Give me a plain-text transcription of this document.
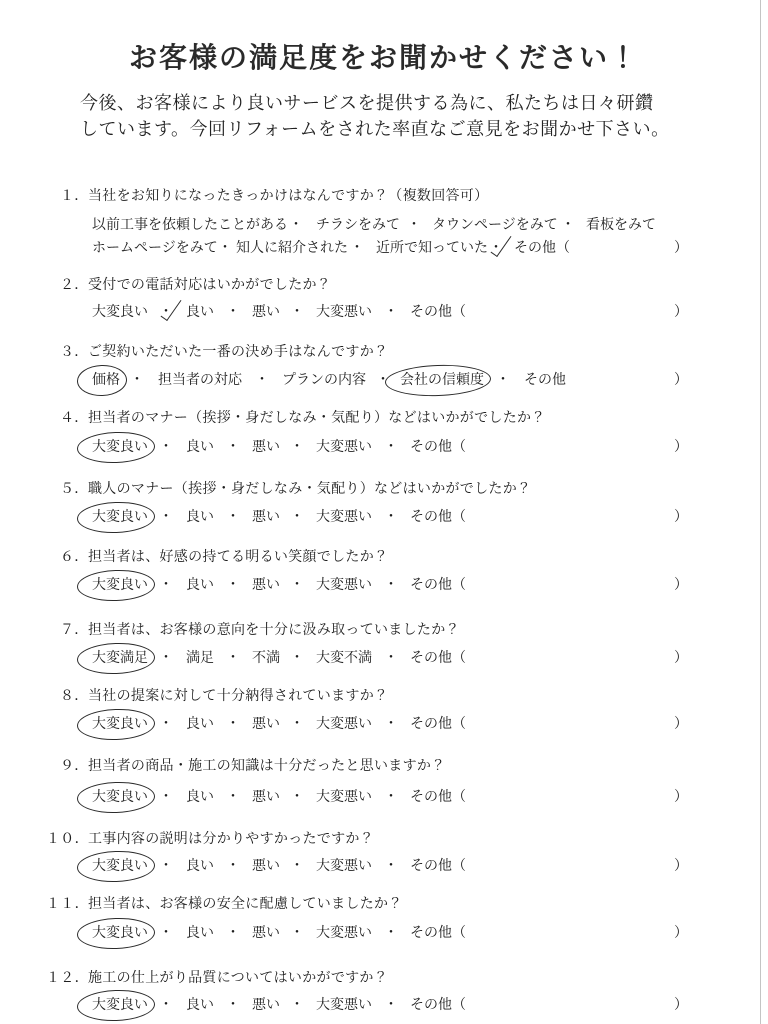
お客様の満足度をお聞かせください！
今後、お客様により良いサービスを提供する為に、私たちは日々研鑽
しています。今回リフォームをされた率直なご意見をお聞かせ下さい。
１． 当社をお知りになったきっかけはなんですか？（複数回答可）
以前工事を依頼したことがある ・ チラシをみて ・ タウンページをみて ・ 看板をみて
ホームページをみて ・ 知人に紹介された ・ 近所で知っていた ・ その他（	）
２． 受付での電話対応はいかがでしたか？
大変良い ・ 良い ・ 悪い ・ 大変悪い ・ その他（	）
３． ご契約いただいた一番の決め手はなんですか？
価格 ・ 担当者の対応 ・ プランの内容 ・ 会社の信頼度 ・ その他	）
４． 担当者のマナー（挨拶・身だしなみ・気配り）などはいかがでしたか？
大変良い ・ 良い ・ 悪い ・ 大変悪い ・ その他（	）
５． 職人のマナー（挨拶・身だしなみ・気配り）などはいかがでしたか？
大変良い ・ 良い ・ 悪い ・ 大変悪い ・ その他（	）
６． 担当者は、好感の持てる明るい笑顔でしたか？
大変良い ・ 良い ・ 悪い ・ 大変悪い ・ その他（	）
７． 担当者は、お客様の意向を十分に汲み取っていましたか？
大変満足 ・ 満足 ・ 不満 ・ 大変不満 ・ その他（	）
８． 当社の提案に対して十分納得されていますか？
大変良い ・ 良い ・ 悪い ・ 大変悪い ・ その他（	）
９． 担当者の商品・施工の知識は十分だったと思いますか？
大変良い ・ 良い ・ 悪い ・ 大変悪い ・ その他（	）
１０． 工事内容の説明は分かりやすかったですか？
大変良い ・ 良い ・ 悪い ・ 大変悪い ・ その他（	）
１１． 担当者は、お客様の安全に配慮していましたか？
大変良い ・ 良い ・ 悪い ・ 大変悪い ・ その他（	）
１２． 施工の仕上がり品質についてはいかがですか？
大変良い ・ 良い ・ 悪い ・ 大変悪い ・ その他（	）
